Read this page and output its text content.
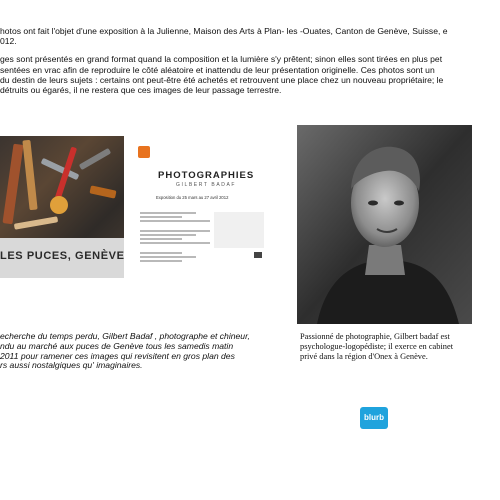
hotos ont fait l'objet d'une exposition à la Julienne, Maison des Arts à Plan- les -Ouates, Canton de Genève, Suisse, e

012.

ges sont présentés en grand format quand la composition et la lumière s'y prêtent; sinon elles sont tirées en plus pet

sentées en vrac afin de reproduire le côté aléatoire et inattendu de leur présentation originelle. Ces photos sont un

du destin de leurs sujets : certains ont peut-être été achetés et retrouvent une place chez un nouveau propriétaire; le

détruits ou égarés, il ne restera que ces images de leur passage terrestre.

LES PUCES, GENÈVE
PHOTOGRAPHIES
GILBERT BADAF
Exposition du 25 mars au 27 avril 2012

echerche du temps perdu, Gilbert Badaf , photographe et chineur,

ndu au marché aux puces de Genève tous les samedis matin

2011 pour ramener ces images qui revisitent en gros plan des

rs aussi nostalgiques qu' imaginaires.

Passionné de photographie, Gilbert badaf est

psychologue-logopédiste; il exerce en cabinet

privé dans la région d'Onex à Genève.

blurb
